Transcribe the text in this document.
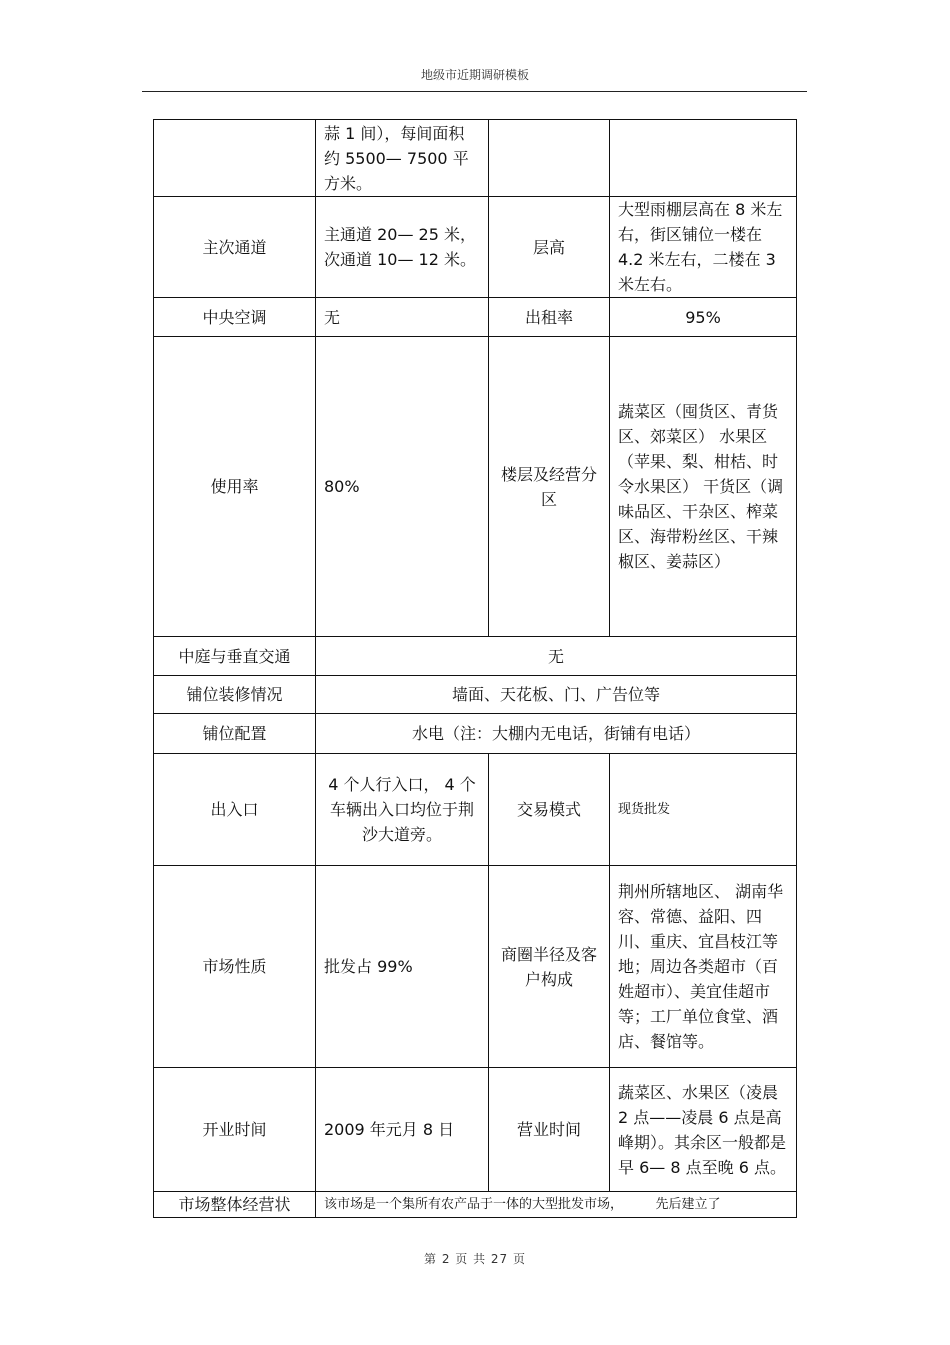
地级市近期调研模板
	蒜 1 间），每间面积约 5500— 7500 平方米。		
主次通道	主通道 20— 25 米，次通道 10— 12 米。	层高	大型雨棚层高在 8 米左右，街区铺位一楼在 4.2 米左右，二楼在 3 米左右。
中央空调	无	出租率	95%
使用率	80%	楼层及经营分区	蔬菜区（囤货区、青货区、郊菜区） 水果区（苹果、梨、柑桔、时令水果区） 干货区（调味品区、干杂区、榨菜区、海带粉丝区、干辣椒区、姜蒜区）
中庭与垂直交通	无		
铺位装修情况	墙面、天花板、门、广告位等		
铺位配置	水电（注：大棚内无电话，街铺有电话）		
出入口	4 个人行入口， 4 个车辆出入口均位于荆沙大道旁。	交易模式	现货批发
市场性质	批发占 99%	商圈半径及客户构成	荆州所辖地区、 湖南华容、常德、益阳、四川、重庆、宜昌枝江等地；周边各类超市（百姓超市）、美宜佳超市等；工厂单位食堂、酒店、餐馆等。
开业时间	2009 年元月 8 日	营业时间	蔬菜区、水果区（凌晨 2 点——凌晨 6 点是高峰期）。其余区一般都是早 6— 8 点至晚 6 点。
市场整体经营状	该市场是一个集所有农产品于一体的大型批发市场，　　　先后建立了		
第 2 页 共 27 页
